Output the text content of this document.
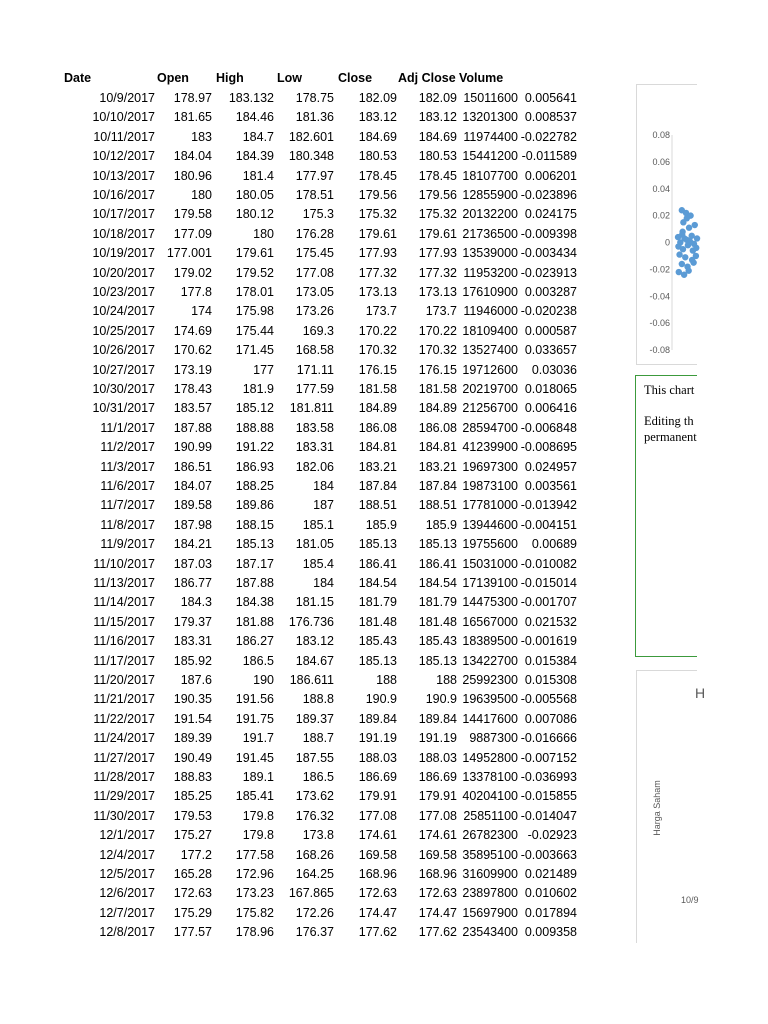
Date	Open High	Low	Close Adj Close Volume
10/9/2017 178.97 183.132 178.75 182.09 182.09 15011600 0.005641
10/10/2017 181.65 184.46 181.36 183.12 183.12 13201300 0.008537
10/11/2017	183 184.7 182.601 184.69 184.69 11974400 -0.022782
10/12/2017 184.04 184.39 180.348 180.53 180.53 15441200 -0.011589
10/13/2017 180.96 181.4 177.97 178.45 178.45 18107700 0.006201
10/16/2017	180 180.05 178.51 179.56 179.56 12855900 -0.023896
10/17/2017 179.58 180.12 175.3 175.32 175.32 20132200 0.024175
10/18/2017 177.09	180 176.28 179.61 179.61 21736500 -0.009398
10/19/2017 177.001 179.61 175.45 177.93 177.93 13539000 -0.003434
10/20/2017 179.02 179.52 177.08 177.32 177.32 11953200 -0.023913
10/23/2017 177.8 178.01 173.05 173.13 173.13 17610900 0.003287
10/24/2017	174 175.98 173.26	173.7 173.7 11946000 -0.020238
10/25/2017 174.69 175.44 169.3 170.22 170.22 18109400 0.000587
10/26/2017 170.62 171.45 168.58 170.32 170.32 13527400 0.033657
10/27/2017 173.19	177 171.11 176.15 176.15 19712600 0.03036
10/30/2017 178.43 181.9 177.59 181.58 181.58 20219700 0.018065
10/31/2017 183.57 185.12 181.811 184.89 184.89 21256700 0.006416
11/1/2017 187.88 188.88 183.58 186.08 186.08 28594700 -0.006848
11/2/2017 190.99 191.22 183.31 184.81 184.81 41239900 -0.008695
11/3/2017 186.51 186.93 182.06 183.21 183.21 19697300 0.024957
11/6/2017 184.07 188.25	184 187.84 187.84 19873100 0.003561
11/7/2017 189.58 189.86	187 188.51 188.51 17781000 -0.013942
11/8/2017 187.98 188.15 185.1	185.9 185.9 13944600 -0.004151
11/9/2017 184.21 185.13 181.05 185.13 185.13 19755600 0.00689
11/10/2017 187.03 187.17 185.4 186.41 186.41 15031000 -0.010082
11/13/2017 186.77 187.88	184 184.54 184.54 17139100 -0.015014
11/14/2017 184.3 184.38 181.15 181.79 181.79 14475300 -0.001707
11/15/2017 179.37 181.88 176.736 181.48 181.48 16567000 0.021532
11/16/2017 183.31 186.27 183.12 185.43 185.43 18389500 -0.001619
11/17/2017 185.92 186.5 184.67 185.13 185.13 13422700 0.015384
11/20/2017 187.6	190 186.611	188	188 25992300 0.015308
11/21/2017 190.35 191.56 188.8	190.9 190.9 19639500 -0.005568
11/22/2017 191.54 191.75 189.37 189.84 189.84 14417600 0.007086
11/24/2017 189.39 191.7 188.7 191.19 191.19 9887300 -0.016666
11/27/2017 190.49 191.45 187.55 188.03 188.03 14952800 -0.007152
11/28/2017 188.83 189.1 186.5 186.69 186.69 13378100 -0.036993
11/29/2017 185.25 185.41 173.62 179.91 179.91 40204100 -0.015855
11/30/2017 179.53 179.8 176.32 177.08 177.08 25851100 -0.014047
12/1/2017 175.27 179.8 173.8 174.61 174.61 26782300 -0.02923
12/4/2017 177.2 177.58 168.26 169.58 169.58 35895100 -0.003663
12/5/2017 165.28 172.96 164.25 168.96 168.96 31609900 0.021489
12/6/2017 172.63 173.23 167.865 172.63 172.63 23897800 0.010602
12/7/2017 175.29 175.82 172.26 174.47 174.47 15697900 0.017894
12/8/2017 177.57 178.96 176.37 177.62 177.62 23543400 0.009358
0.08
0.06
0.04
0.02
0
-0.02
-0.04
-0.06
-0.08
This chart
Editing th
permanent
H
Harga Saham
10/9
